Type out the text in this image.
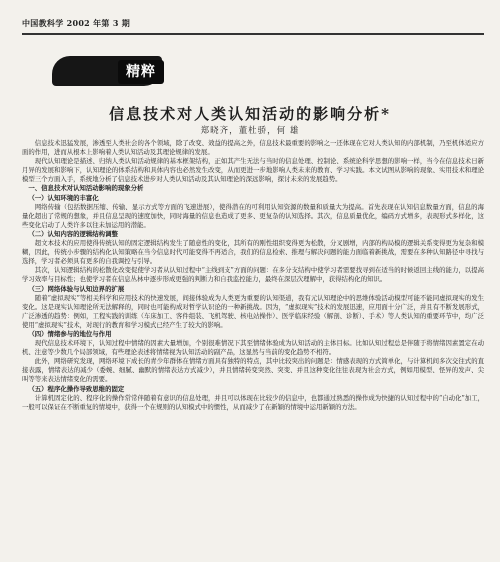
中国教科学 2002 年第 3 期
精粹
信息技术对人类认知活动的影响分析*
郑晓齐，董杜骄，何 雄

信息技术迅猛发展，渗透至人类社会的各个领域，除了改变、效益的提高之外，信息技术最重要的影响之一还体现在它对人类认知的内部机制，乃至机体适应方面的作用，进而从根本上影响着人类认知活动及其理论规律的发展。

现代认知理论是描述、归纳人类认知活动规律的基本框架结构，正如其产生无法与当时的信息处理、控制论、系统论科学思想的影响一样，当今在信息技术日新月异的发展和影响下，认知理论的体系结构和具体内容也必然发生改变，从而更进一步地影响人类未来的教育、学习实践。本文试图从影响的现象、实用技术和理论模型三个方面入手，系统地分析了信息技术进步对人类认知活动及其认知理论的深远影响，探讨未来的发展趋势。

一、信息技术对认知活动影响的现象分析

（一）认知环境的丰富化

网络传输（包括数据压缩、传输、显示方式等方面的飞速进展），使得潜在的可利用认知资源的数量和质量大为提高。首先表现在认知信息数量方面，信息的海量化超出了常规的想象，并且信息呈现的速度加快，同时海量的信息也造成了更多、更复杂的认知选择。其次，信息质量优化，编码方式增多，表现形式多样化，这些变化启动了人类许多以往未加运用的潜能。

（二）认知内容的逻辑结构调整

超文本技术的应用使得传统认知的固定逻辑结构发生了随意性的变化，其所有的刚性组织变得更为松散，分叉剧增，内部的构局模的逻辑关系变得更为复杂和模糊，因此，传统小步骤的结构化认知策略在当今信息时代可能变得不再适合，我们的信息检索、推理与解决问题的能力面临着新挑战，需要在多种认知路径中寻找与选择，学习者必须具有更多的自我调控与引导。

其次，认知逻辑结构的松散化改变促使学习者从认知过程中“主线到支”方面的问题：在多分支结构中使学习者需要找寻到在适当的时候返回主线的能力，以提高学习效率与目标性；也使学习者在信息丛林中逐步形成更强的判断力和自我监控能力，最终在深层次理解中，获得结构化的知识。

（三）网络体验与认知边界的扩展

随着“虚拟现实”等相关科学和应用技术的快速发展，间接体验成为人类更为重要的认知渠道，我有元认知理论中的思维体验活动模型可能不能同虚拟现实的发生变化。这是现实认知理论所无法解释的，同时也可能构成对哲学认识论的一种新挑战。因为，“虚拟现实”技术的发展迅速，应用面十分广泛，并且有不断发展形式，广泛渗透的趋势：例如，工程实践的训练（车床加工、客件组装、飞机驾驶、核电站操作）、医学临床经验（解剖、诊断）、手术）等人类认知的重要环节中，均广泛使用“虚拟现实”技术，对现行的教育和学习模式已经产生了较大的影响。

（四）情绪参与的地位与作用

现代信息技术环境下，认知过程中情绪的因素大量增加，个别很难情况下其至情绪体验成为认知活动的主体目标。比如认知过程总是伴随于将情绪因素置定在动机、注意等少数几个局部领域，有些理论表述将情绪视为认知活动的副产品，这显然与当前的变化趋势不相符。

此外，网络研究发现，网络环境下成长的青少年群体在情绪方面具有独特的特点，其中比较突出的问题是：情感表现的方式简单化，与计算机间多次交往式的直接表露，情绪表达的减少（委婉、细腻、幽默的情绪表达方式减少），并且情绪转变突然、突变、并且这种变化往往表现为社会方式，例如用模型、怪异的发声、尖叫等等来表达情绪变化的需要。

（五）程序化操作导致思维的固定

计算机固定化的、程序化的操作常常伴随着有意识的信息处理，并且可以体现在比较少的信息中，也都通过熟悉的操作成为快捷的认知过程中的“自动化”加工，一般可以保证在不断重复的情境中，获得一个在规则的认知模式中的惯性，从而减少了在新颖的情境中运用新颖的方法。
